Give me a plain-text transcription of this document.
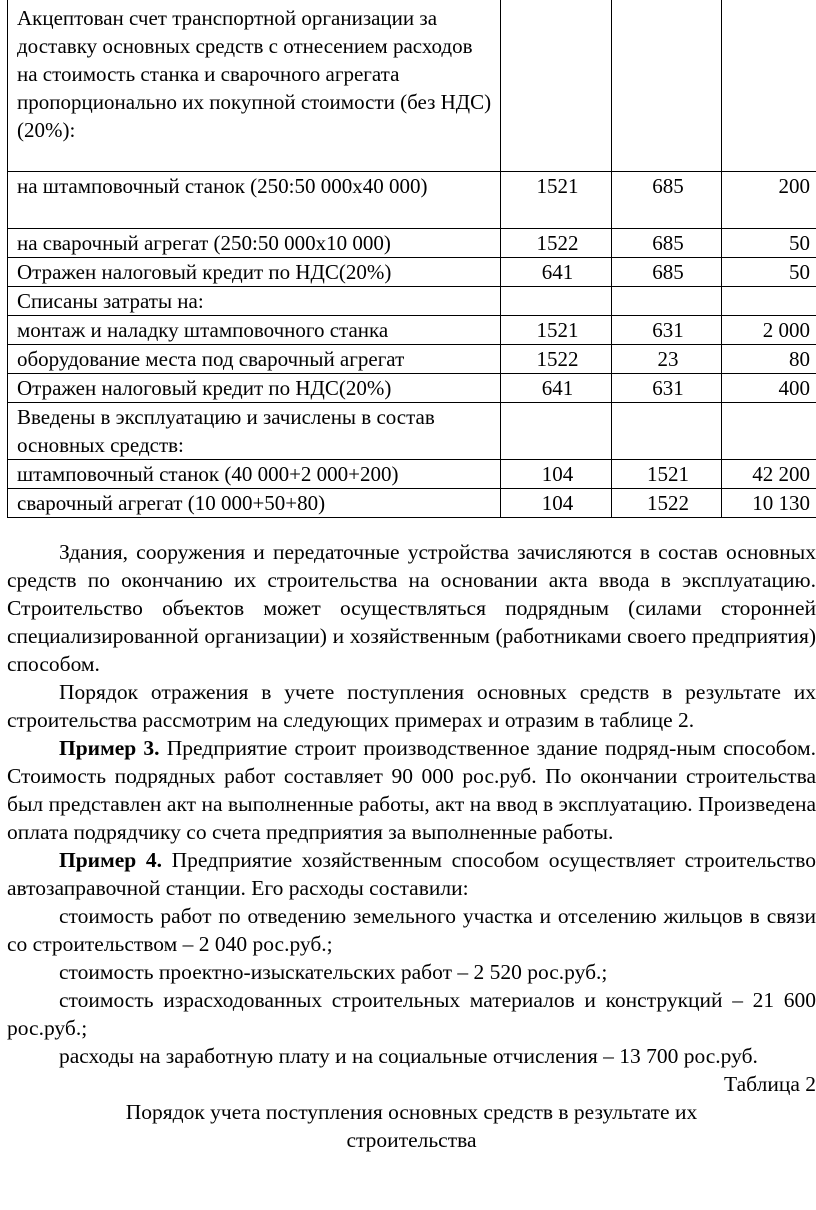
Акцептован счет транспортной организации за доставку основных средств с отнесением расходов на стоимость станка и сварочного агрегата пропорционально их покупной стоимости (без НДС) (20%):			

на штамповочный станок (250:50 000х40 000)	1521	685	200
на сварочный агрегат (250:50 000х10 000)	1522	685	50
Отражен налоговый кредит по НДС(20%)	641	685	50
Списаны затраты на:			
монтаж и наладку штамповочного станка	1521	631	2 000
оборудование места под сварочный агрегат	1522	23	80
Отражен налоговый кредит по НДС(20%)	641	631	400
Введены в эксплуатацию и зачислены в состав основных средств:			
штамповочный станок (40 000+2 000+200)	104	1521	42 200
сварочный агрегат (10 000+50+80)	104	1522	10 130

Здания, сооружения и передаточные устройства зачисляются в состав основных средств по окончанию их строительства на основании акта ввода в эксплуатацию. Строительство объектов может осуществляться подрядным (силами сторонней специализированной организации) и хозяйственным (работниками своего предприятия) способом.

Порядок отражения в учете поступления основных средств в результате их строительства рассмотрим на следующих примерах и отразим в таблице 2.

Пример 3. Предприятие строит производственное здание подряд-ным способом. Стоимость подрядных работ составляет 90 000 рос.руб. По окончании строительства был представлен акт на выполненные работы, акт на ввод в эксплуатацию. Произведена оплата подрядчику со счета предприятия за выполненные работы.

Пример 4. Предприятие хозяйственным способом осуществляет строительство автозаправочной станции. Его расходы составили:

стоимость работ по отведению земельного участка и отселению жильцов в связи со строительством – 2 040 рос.руб.;

стоимость проектно-изыскательских работ – 2 520 рос.руб.;

стоимость израсходованных строительных материалов и конструкций – 21 600 рос.руб.;

расходы на заработную плату и на социальные отчисления – 13 700 рос.руб.

Таблица 2

Порядок учета поступления основных средств в результате их строительства
